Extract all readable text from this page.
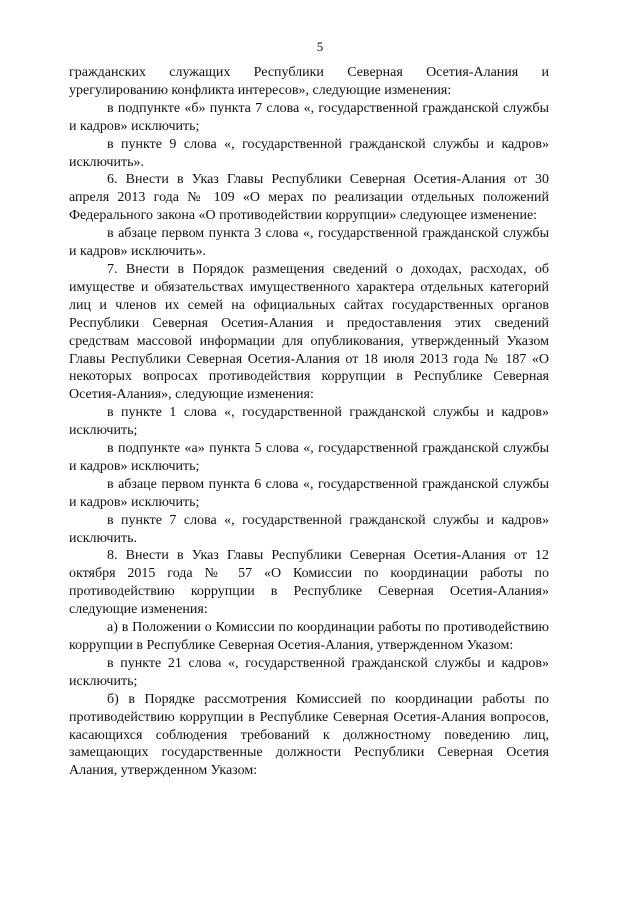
5

гражданских служащих Республики Северная Осетия-Алания и урегулированию конфликта интересов», следующие изменения:

в подпункте «б» пункта 7 слова «, государственной гражданской службы и кадров» исключить;

в пункте 9 слова «, государственной гражданской службы и кадров» исключить».

6. Внести в Указ Главы Республики Северная Осетия-Алания от 30 апреля 2013 года № 109 «О мерах по реализации отдельных положений Федерального закона «О противодействии коррупции» следующее изменение:

в абзаце первом пункта 3 слова «, государственной гражданской службы и кадров» исключить».

7. Внести в Порядок размещения сведений о доходах, расходах, об имуществе и обязательствах имущественного характера отдельных категорий лиц и членов их семей на официальных сайтах государственных органов Республики Северная Осетия-Алания и предоставления этих сведений средствам массовой информации для опубликования, утвержденный Указом Главы Республики Северная Осетия-Алания от 18 июля 2013 года № 187 «О некоторых вопросах противодействия коррупции в Республике Северная Осетия-Алания», следующие изменения:

в пункте 1 слова «, государственной гражданской службы и кадров» исключить;

в подпункте «а» пункта 5 слова «, государственной гражданской службы и кадров» исключить;

в абзаце первом пункта 6 слова «, государственной гражданской службы и кадров» исключить;

в пункте 7 слова «, государственной гражданской службы и кадров» исключить.

8. Внести в Указ Главы Республики Северная Осетия-Алания от 12 октября 2015 года № 57 «О Комиссии по координации работы по противодействию коррупции в Республике Северная Осетия-Алания» следующие изменения:

а) в Положении о Комиссии по координации работы по противодействию коррупции в Республике Северная Осетия-Алания, утвержденном Указом:

в пункте 21 слова «, государственной гражданской службы и кадров» исключить;

б) в Порядке рассмотрения Комиссией по координации работы по противодействию коррупции в Республике Северная Осетия-Алания вопросов, касающихся соблюдения требований к должностному поведению лиц, замещающих государственные должности Республики Северная Осетия Алания, утвержденном Указом:
